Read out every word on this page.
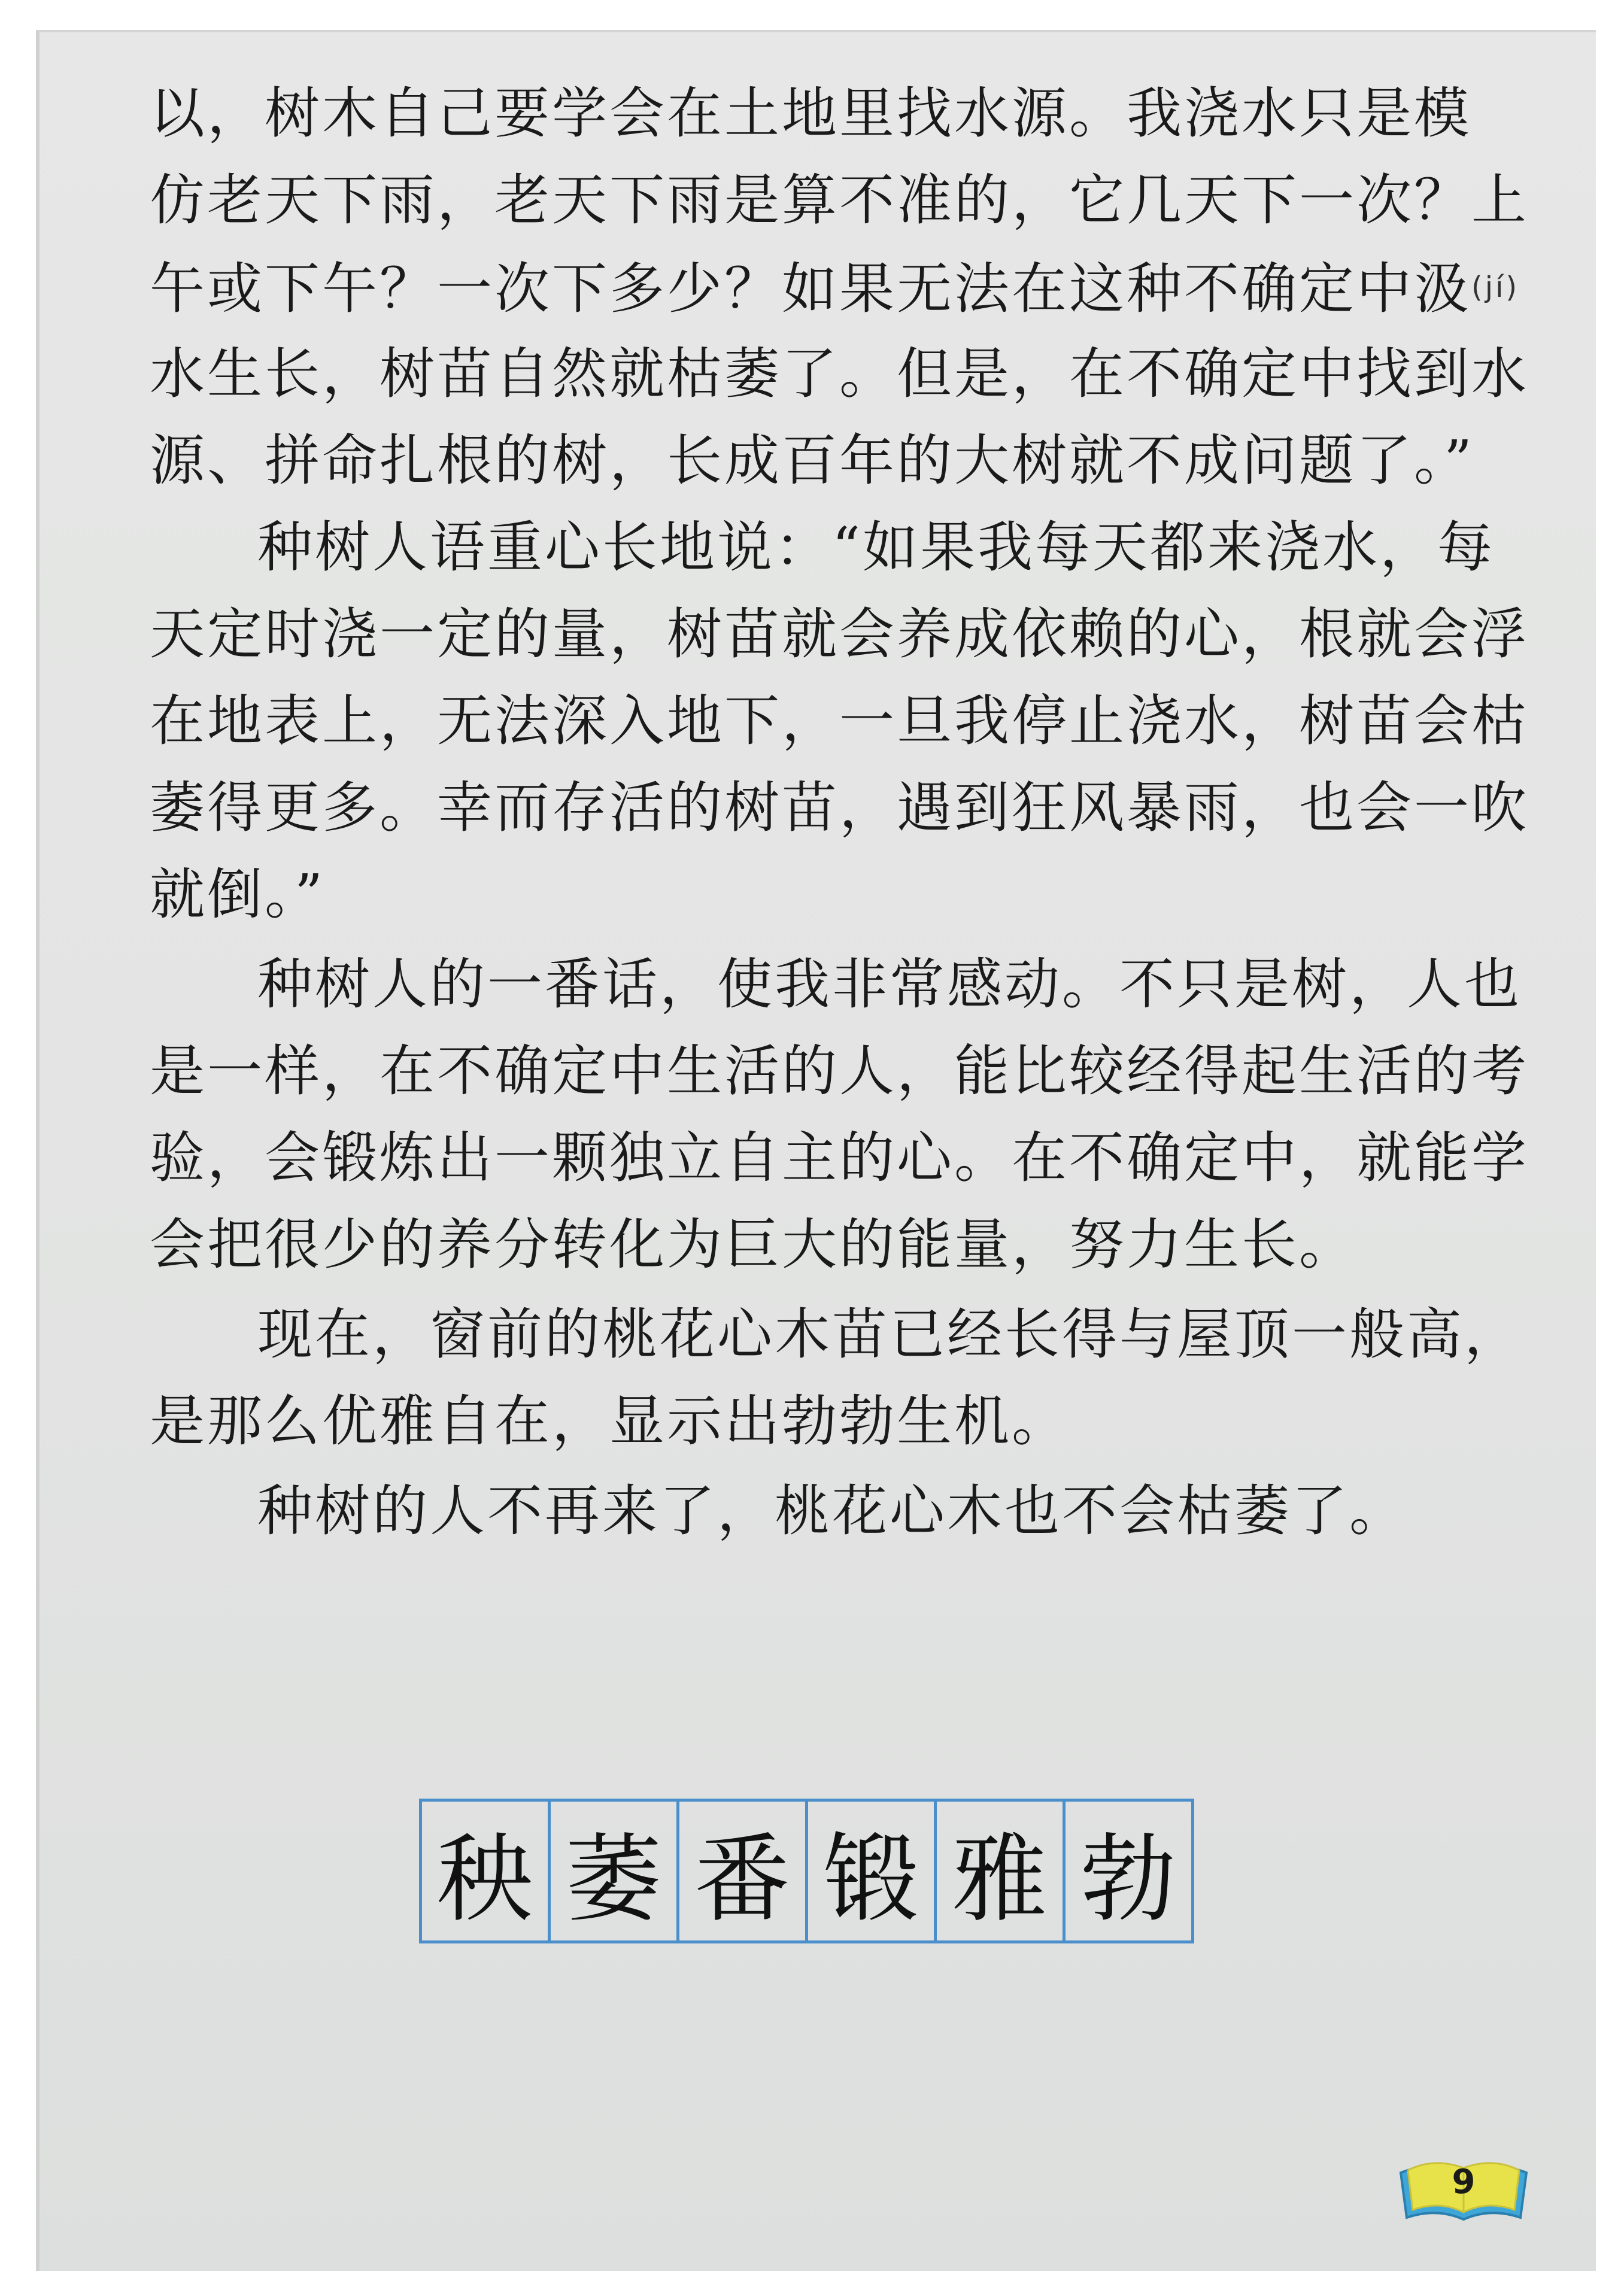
以，树木自己要学会在土地里找水源。我浇水只是模
仿老天下雨，老天下雨是算不准的，它几天下一次？上
午或下午？一次下多少？如果无法在这种不确定中汲(jí)
水生长，树苗自然就枯萎了。但是，在不确定中找到水
源、拼命扎根的树，长成百年的大树就不成问题了。”
种树人语重心长地说：“如果我每天都来浇水，每
天定时浇一定的量，树苗就会养成依赖的心，根就会浮
在地表上，无法深入地下，一旦我停止浇水，树苗会枯
萎得更多。幸而存活的树苗，遇到狂风暴雨，也会一吹
就倒。”
种树人的一番话，使我非常感动。不只是树，人也
是一样，在不确定中生活的人，能比较经得起生活的考
验，会锻炼出一颗独立自主的心。在不确定中，就能学
会把很少的养分转化为巨大的能量，努力生长。
现在，窗前的桃花心木苗已经长得与屋顶一般高，
是那么优雅自在，显示出勃勃生机。
种树的人不再来了，桃花心木也不会枯萎了。
秧 萎 番 锻 雅 勃
9
